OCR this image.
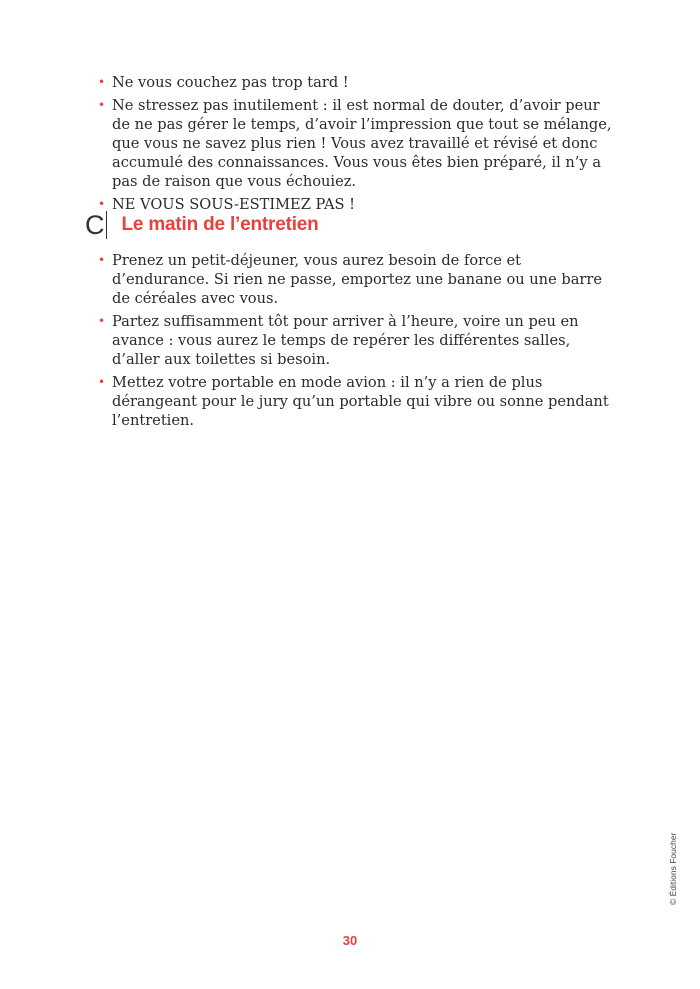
• Ne vous couchez pas trop tard !
• Ne stressez pas inutilement : il est normal de douter, d’avoir peur de ne pas gérer le temps, d’avoir l’impression que tout se mélange, que vous ne savez plus rien ! Vous avez travaillé et révisé et donc accumulé des connaissances. Vous vous êtes bien préparé, il n’y a pas de raison que vous échouiez.
• NE VOUS SOUS-ESTIMEZ PAS !
C Le matin de l’entretien
• Prenez un petit-déjeuner, vous aurez besoin de force et d’endurance. Si rien ne passe, emportez une banane ou une barre de céréales avec vous.
• Partez suffisamment tôt pour arriver à l’heure, voire un peu en avance : vous aurez le temps de repérer les différentes salles, d’aller aux toilettes si besoin.
• Mettez votre portable en mode avion : il n’y a rien de plus dérangeant pour le jury qu’un portable qui vibre ou sonne pendant l’entretien.
© Éditions Foucher
30
